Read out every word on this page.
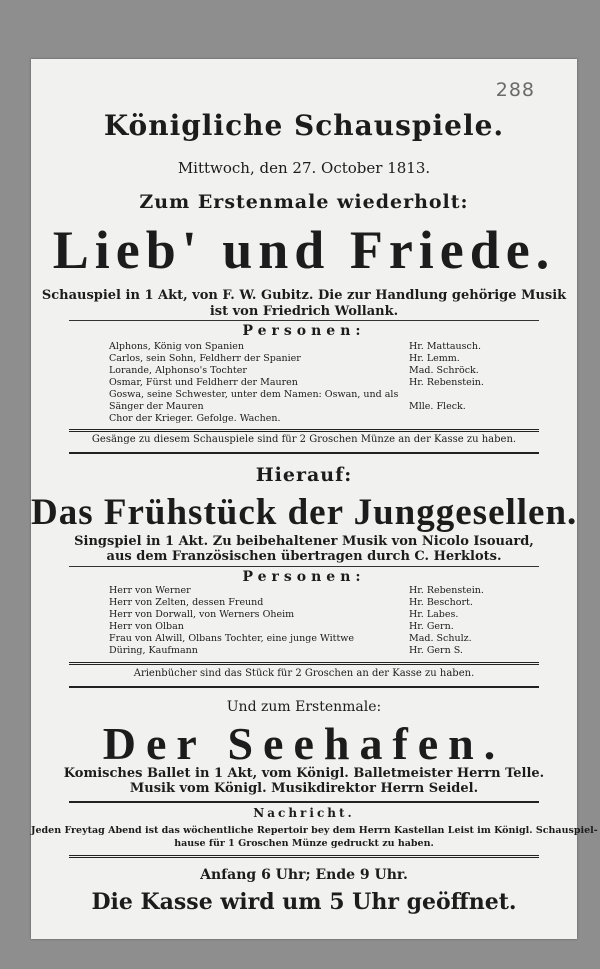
288
Königliche Schauspiele.
Mittwoch, den 27. October 1813.
Zum Erstenmale wiederholt:
Lieb' und Friede.
Schauspiel in 1 Akt, von F. W. Gubitz. Die zur Handlung gehörige Musik
ist von Friedrich Wollank.
Personen:
Alphons, König von Spanien	Hr. Mattausch.
Carlos, sein Sohn, Feldherr der Spanier	Hr. Lemm.
Lorande, Alphonso's Tochter	Mad. Schröck.
Osmar, Fürst und Feldherr der Mauren	Hr. Rebenstein.
Goswa, seine Schwester, unter dem Namen: Oswan, und als
Sänger der Mauren	Mlle. Fleck.
Chor der Krieger. Gefolge. Wachen.
Gesänge zu diesem Schauspiele sind für 2 Groschen Münze an der Kasse zu haben.
Hierauf:
Das Frühstück der Junggesellen.
Singspiel in 1 Akt. Zu beibehaltener Musik von Nicolo Isouard,
aus dem Französischen übertragen durch C. Herklots.
Personen:
Herr von Werner	Hr. Rebenstein.
Herr von Zelten, dessen Freund	Hr. Beschort.
Herr von Dorwall, von Werners Oheim	Hr. Labes.
Herr von Olban	Hr. Gern.
Frau von Alwill, Olbans Tochter, eine junge Wittwe	Mad. Schulz.
Düring, Kaufmann	Hr. Gern S.
Arienbücher sind das Stück für 2 Groschen an der Kasse zu haben.
Und zum Erstenmale:
Der Seehafen.
Komisches Ballet in 1 Akt, vom Königl. Balletmeister Herrn Telle.
Musik vom Königl. Musikdirektor Herrn Seidel.
Nachricht.
Jeden Freytag Abend ist das wöchentliche Repertoir bey dem Herrn Kastellan Leist im Königl. Schauspiel-
hause für 1 Groschen Münze gedruckt zu haben.
Anfang 6 Uhr; Ende 9 Uhr.
Die Kasse wird um 5 Uhr geöffnet.
